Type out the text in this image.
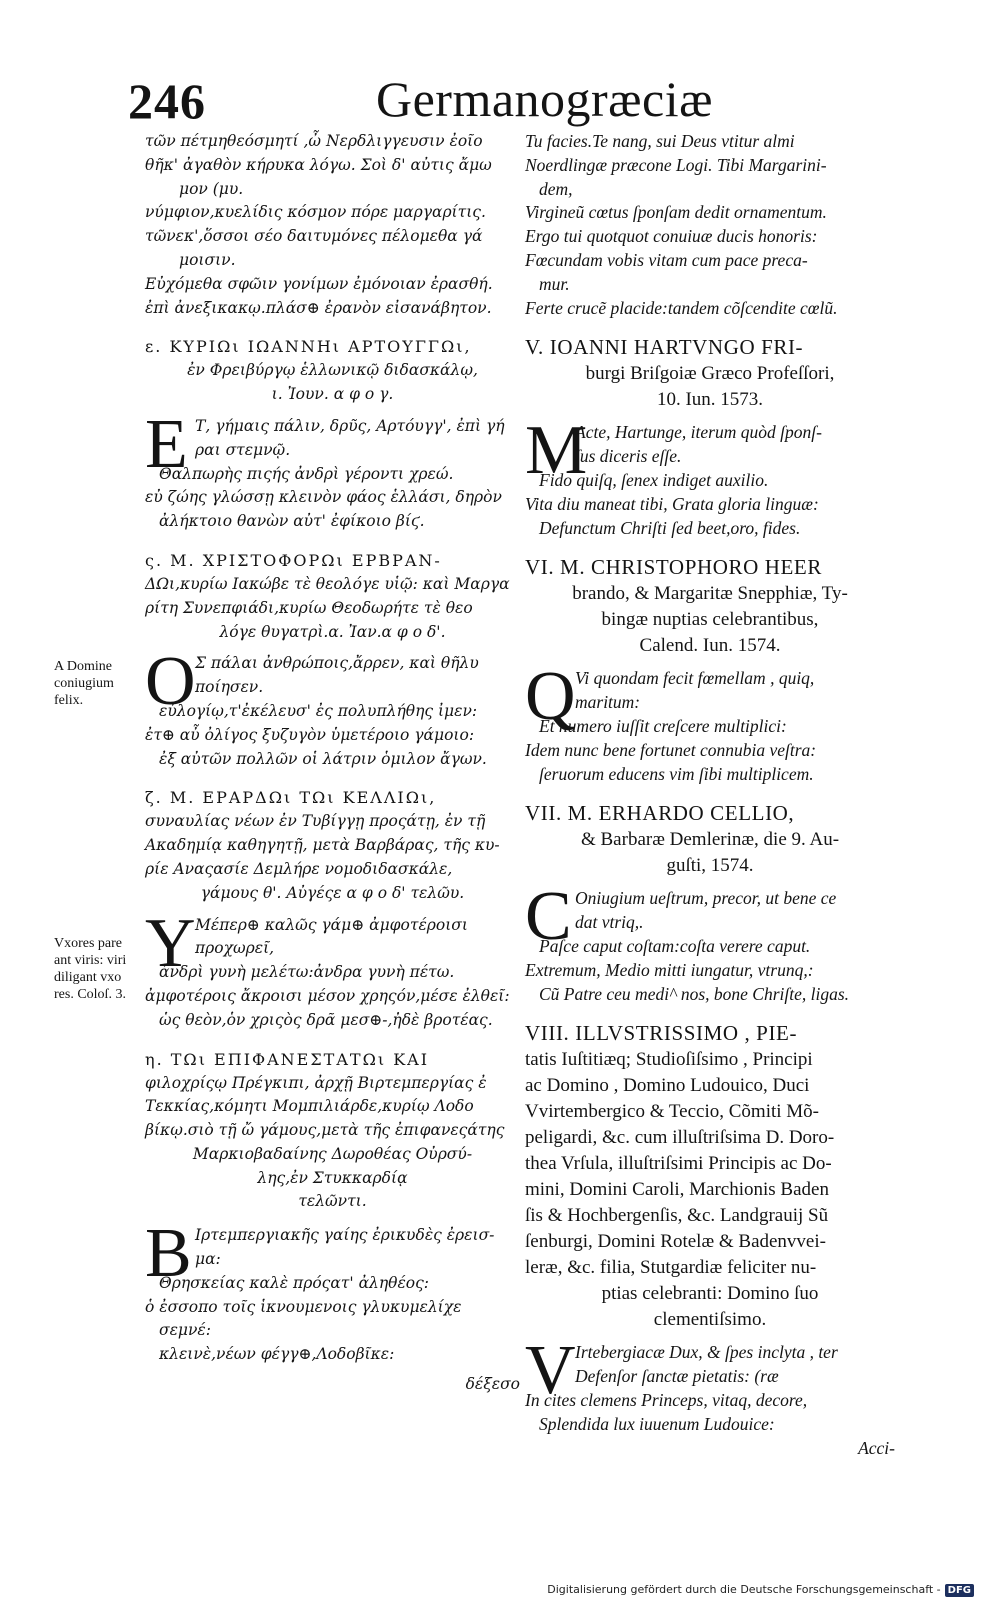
246	Germanogræciæ
A Domine
coniugium
felix.
Vxores pare
ant viris: viri
diligant vxo
res. Coloſ. 3.
τῶν πέτμηθεόσμητί ,ὦ Νερδλιγγευσιν ἐοῖο
θῆκ' ἀγαθὸν κήρυκα λόγω. Σοὶ δ' αὐτις ἄμω
μον (μυ.
νύμφιον,κυελίδις κόσμον πόρε μαργαρίτις.
τῶνεκ',ὅσσοι σέο δαιτυμόνες πέλομεθα γά
μοισιν.
Εὐχόμεθα σφῶιν γονίμων ἐμόνοιαν ἐρασθή.
ἐπὶ ἀνεξικακῳ.πλάσ⊕ ἐρανὸν εἰσανάβητον.
ε. ΚΥΡΙΩι ΙΩΑΝΝΗι ΑΡΤΟΥΓΓΩι,
ἐν Φρειβύργῳ ἑλλωνικῷ διδασκάλῳ,
ι. Ἰουν. α φ ο γ.
E Τ, γήμαις πάλιν, δρῦς, Αρτόυγγ', ἐπὶ γή
ραι στεμνῷ.
Θαλπωρὴς πιςής ἀνδρὶ γέροντι χρεώ.
εὐ ζώης γλώσσῃ κλεινὸν φάος ἑλλάσι, δηρὸν
ἀλήκτοιο θανὼν αὐτ' ἐφίκοιο βίϛ.
ς. Μ. ΧΡΙΣΤΟΦΟΡΩι ΕΡΒΡΑΝ-
ΔΩι,κυρίω Ιακώβε τὲ θεολόγε υἱῷ: καὶ Μαργα
ρίτη Συνεπφιάδι,κυρίω Θεοδωρήτε τὲ θεο
λόγε θυγατρὶ.α. Ἰαν.α φ ο δ'.
O Σ πάλαι ἀνθρώποις,ἄρρεν, καὶ θῆλυ
ποίησεν.
εὐλογίῳ,τ'ἐκέλευσ' ἐς πολυπλήθης ἰμεν:
ἐτ⊕ αὖ ὀλίγος ξυζυγὸν ὑμετέροιο γάμοιο:
ἐξ αὐτῶν πολλῶν οἱ λάτριν ὁμιλον ἄγων.
ζ. Μ. ΕΡΑΡΔΩι ΤΩι ΚΕΛΛΙΩι,
συναυλίας νέων ἐν Τυβίγγῃ προςάτῃ, ἐν τῇ
Ακαδημίᾳ καθηγητῇ, μετὰ Βαρβάρας, τῆς κυ-
ρίε Αναςασίε Δεμλήρε νομοδιδασκάλε,
γάμους θ'. Αὐγέςε α φ ο δ' τελῶυ.
Y Μέπερ⊕ καλῶς γάμ⊕ ἀμφοτέροισι
προχωρεῖ,
ἀνδρὶ γυνὴ μελέτω:ἀνδρα γυνὴ πέτω.
ἀμφοτέροις ἄκροισι μέσον χρηςόν,μέσε ἐλθεῖ:
ὡς θεὸν,ὁν χριςὸς δρᾶ μεσ⊕-,ἠδὲ βροτέας.
η. ΤΩι ΕΠΙΦΑΝΕΣΤΑΤΩι ΚΑΙ
φιλοχρίςῳ Πρέγκιπι, ἀρχῇ Βιρτεμπεργίας ἐ
Τεκκίας,κόμητι Μομπιλιάρδε,κυρίῳ Λοδο
βίκῳ.σιὸ τῇ ὤ γάμους,μετὰ τῆς ἐπιφανεςάτης
Μαρκιοβαδαίνης Δωροθέας Οὐρσύ-
λης,ἐν Στυκκαρδίᾳ
τελῶντι.
B Ιρτεμπεργιακῆς γαίης ἐρικυδὲς ἐρεισ-
μα:
Θρησκείας καλὲ πρόςατ' ἀληθέος:
ὁ ἐσσοπο τοῖς ἱκνουμενοις γλυκυμελίχε
σεμνέ:
κλεινὲ,νέων φέγγ⊕,Λοδοβῖκε:
δέξεσο
Tu facies.Te nang, sui Deus vtitur almi
Noerdlingæ præcone Logi. Tibi Margarini-
dem,
Virgineũ cœtus ſponſam dedit ornamentum.
Ergo tui quotquot conuiuæ ducis honoris:
Fœcundam vobis vitam cum pace preca-
mur.
Ferte crucẽ placide:tandem cõſcendite cœlũ.
V. IOANNI HARTVNGO FRI-
burgi Briſgoiæ Græco Profeſſori,
10. Iun. 1573.
M
Acte, Hartunge, iterum quòd ſponſ-
ſus diceris eſſe.
Fido quiſq, ſenex indiget auxilio.
Vita diu maneat tibi, Grata gloria linguæ:
Defunctum Chriſti ſed beet,oro, fides.
VI. M. CHRISTOPHORO HEER
brando, & Margaritæ Snepphiæ, Ty-
bingæ nuptias celebrantibus,
Calend. Iun. 1574.
Q Vi quondam fecit fœmellam , quiq,
maritum:
Et numero iuſſit creſcere multiplici:
Idem nunc bene fortunet connubia veſtra:
ſeruorum educens vim ſibi multiplicem.
VII. M. ERHARDO CELLIO,
& Barbaræ Demlerinæ, die 9. Au-
guſti, 1574.
C Oniugium ueſtrum, precor, ut bene ce
dat vtriq,.
Paſce caput coſtam:coſta verere caput.
Extremum, Medio mitti iungatur, vtrunq,:
Cũ Patre ceu medi^ nos, bone Chriſte, ligas.
VIII. ILLVSTRISSIMO , PIE-
tatis Iuſtitiæq; Studioſiſsimo , Principi
ac Domino , Domino Ludouico, Duci
Vvirtembergico & Teccio, Cõmiti Mõ-
peligardi, &c. cum illuſtriſsima D. Doro-
thea Vrſula, illuſtriſsimi Principis ac Do-
mini, Domini Caroli, Marchionis Baden
ſis & Hochbergenſis, &c. Landgrauij Sũ
ſenburgi, Domini Rotelæ & Badenvvei-
leræ, &c. filia, Stutgardiæ feliciter nu-
ptias celebranti: Domino ſuo
clementiſsimo.
V Irtebergiacæ Dux, & ſpes inclyta , ter
Defenſor ſanctæ pietatis: (ræ
In cites clemens Princeps, vitaq, decore,
Splendida lux iuuenum Ludouice:
Acci-
Digitalisierung gefördert durch die Deutsche Forschungsgemeinschaft - DFG
